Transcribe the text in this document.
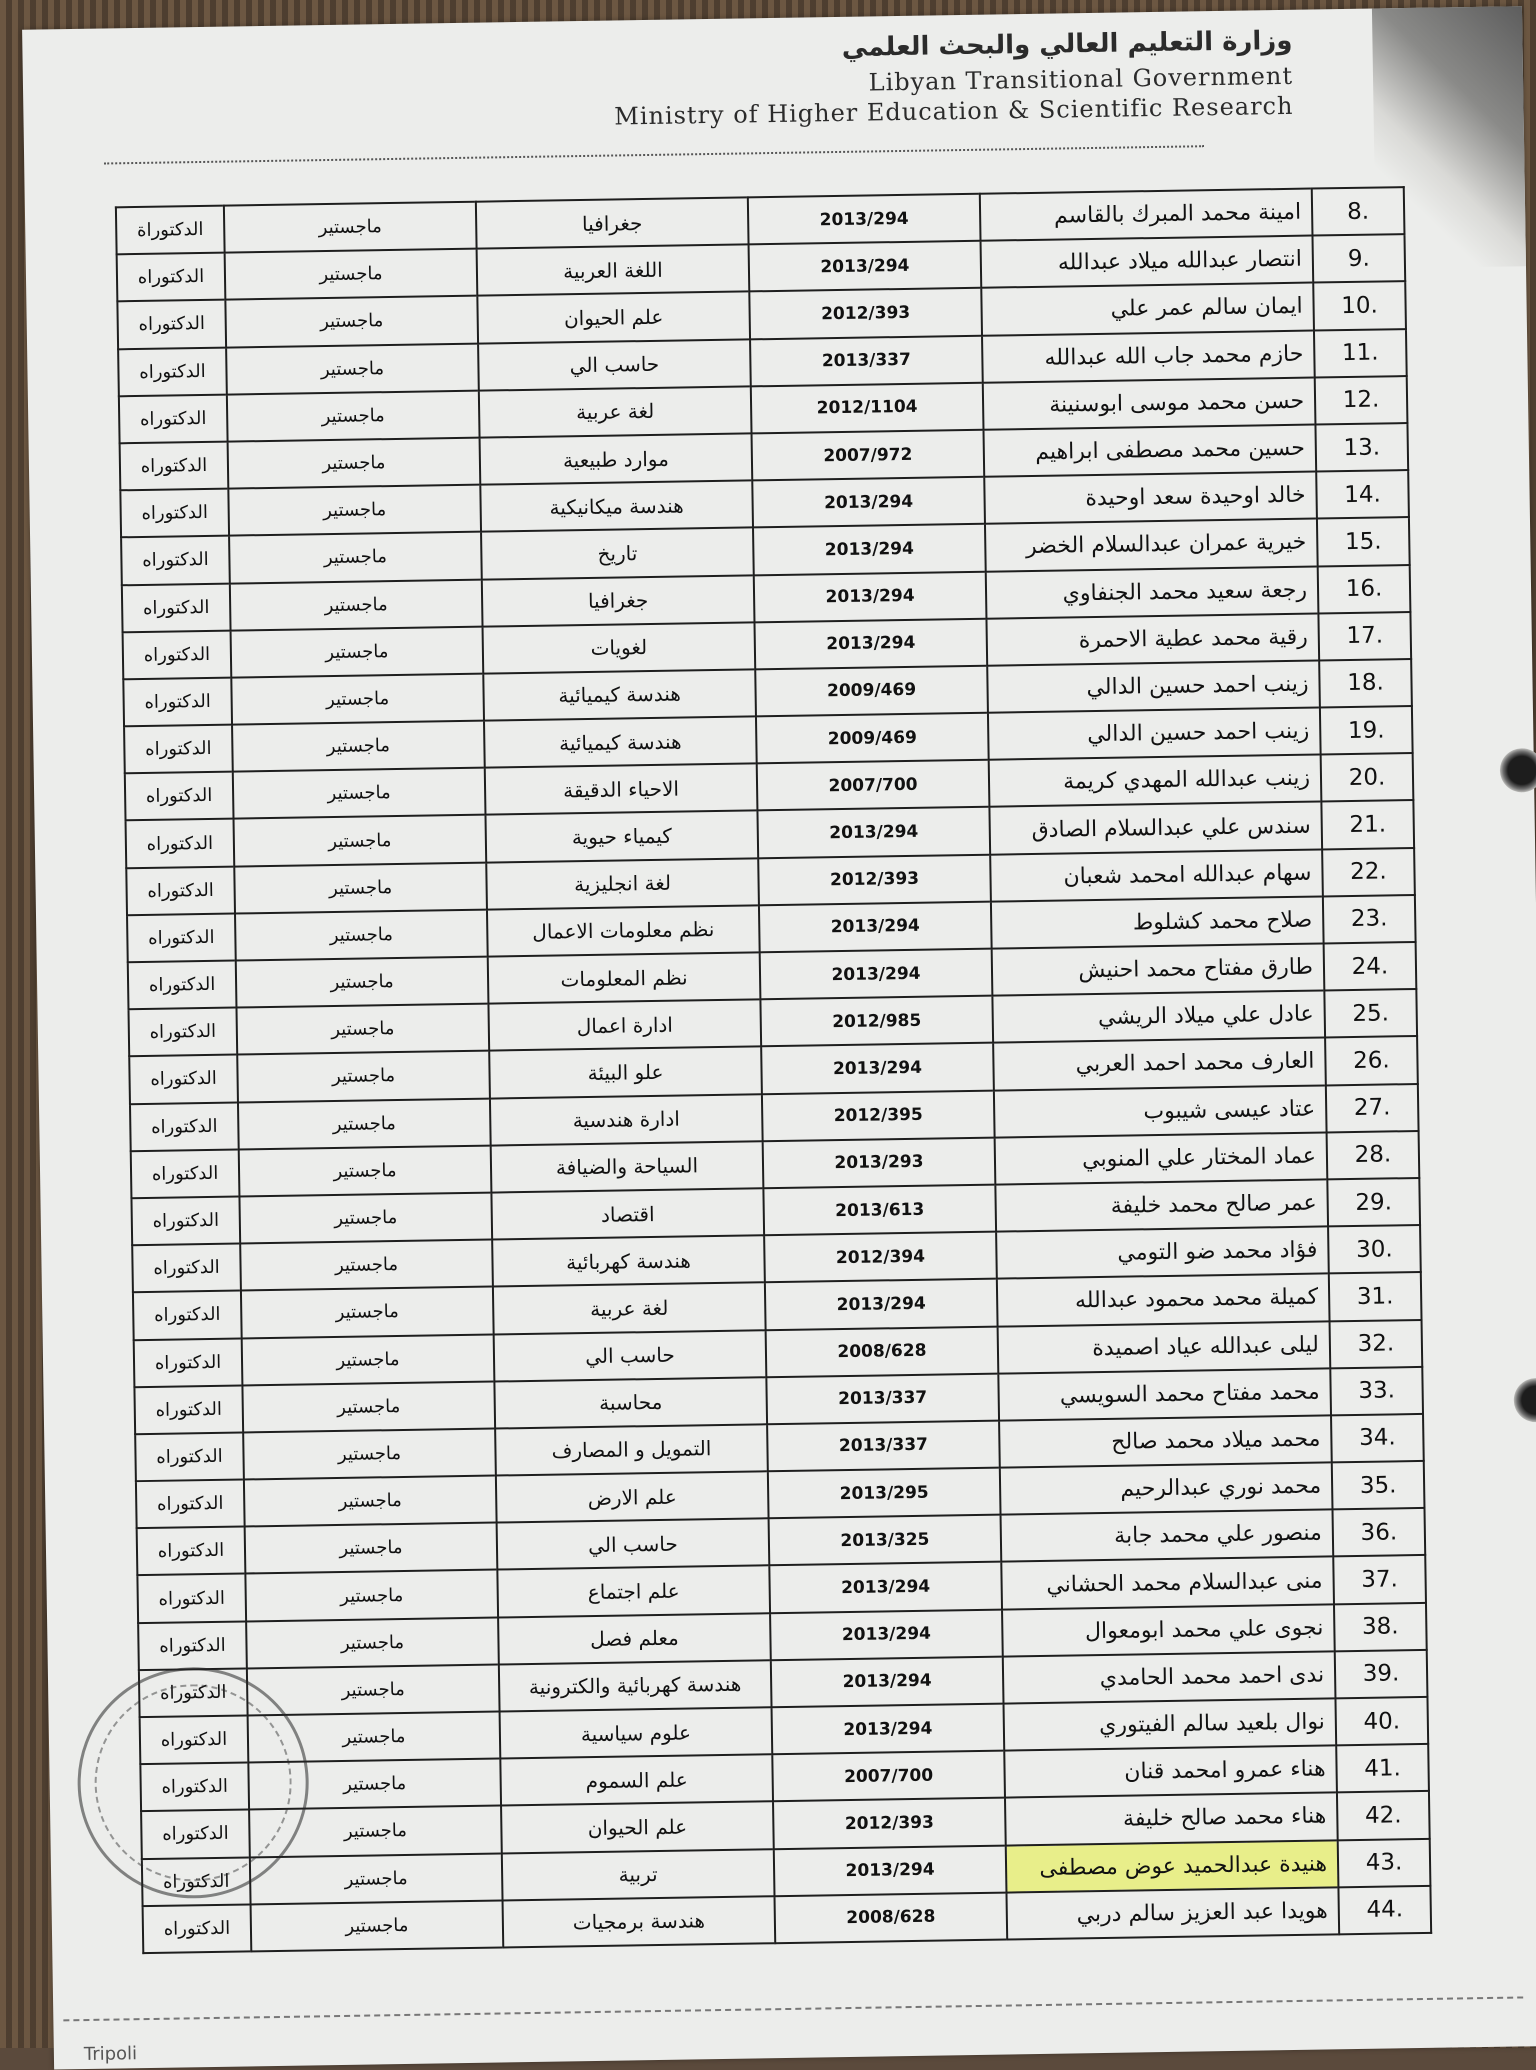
وزارة التعليم العالي والبحث العلمي
Libyan Transitional Government
Ministry of Higher Education & Scientific Research
8.	امينة محمد المبرك بالقاسم	2013/294	جغرافيا	ماجستير	الدكتوراة
9.	انتصار عبدالله ميلاد عبدالله	2013/294	اللغة العربية	ماجستير	الدكتوراه
10.	ايمان سالم عمر علي	2012/393	علم الحيوان	ماجستير	الدكتوراه
11.	حازم محمد جاب الله عبدالله	2013/337	حاسب الي	ماجستير	الدكتوراه
12.	حسن محمد موسى ابوسنينة	2012/1104	لغة عربية	ماجستير	الدكتوراه
13.	حسين محمد مصطفى ابراهيم	2007/972	موارد طبيعية	ماجستير	الدكتوراه
14.	خالد اوحيدة سعد اوحيدة	2013/294	هندسة ميكانيكية	ماجستير	الدكتوراه
15.	خيرية عمران عبدالسلام الخضر	2013/294	تاريخ	ماجستير	الدكتوراه
16.	رجعة سعيد محمد الجنفاوي	2013/294	جغرافيا	ماجستير	الدكتوراه
17.	رقية محمد عطية الاحمرة	2013/294	لغويات	ماجستير	الدكتوراه
18.	زينب احمد حسين الدالي	2009/469	هندسة كيميائية	ماجستير	الدكتوراه
19.	زينب احمد حسين الدالي	2009/469	هندسة كيميائية	ماجستير	الدكتوراه
20.	زينب عبدالله المهدي كريمة	2007/700	الاحياء الدقيقة	ماجستير	الدكتوراه
21.	سندس علي عبدالسلام الصادق	2013/294	كيمياء حيوية	ماجستير	الدكتوراه
22.	سهام عبدالله امحمد شعبان	2012/393	لغة انجليزية	ماجستير	الدكتوراه
23.	صلاح محمد كشلوط	2013/294	نظم معلومات الاعمال	ماجستير	الدكتوراه
24.	طارق مفتاح محمد احنيش	2013/294	نظم المعلومات	ماجستير	الدكتوراه
25.	عادل علي ميلاد الريشي	2012/985	ادارة اعمال	ماجستير	الدكتوراه
26.	العارف محمد احمد العربي	2013/294	علو البيئة	ماجستير	الدكتوراه
27.	عتاد عيسى شيبوب	2012/395	ادارة هندسية	ماجستير	الدكتوراه
28.	عماد المختار علي المنوبي	2013/293	السياحة والضيافة	ماجستير	الدكتوراه
29.	عمر صالح محمد خليفة	2013/613	اقتصاد	ماجستير	الدكتوراه
30.	فؤاد محمد ضو التومي	2012/394	هندسة كهربائية	ماجستير	الدكتوراه
31.	كميلة محمد محمود عبدالله	2013/294	لغة عربية	ماجستير	الدكتوراه
32.	ليلى عبدالله عياد اصميدة	2008/628	حاسب الي	ماجستير	الدكتوراه
33.	محمد مفتاح محمد السويسي	2013/337	محاسبة	ماجستير	الدكتوراه
34.	محمد ميلاد محمد صالح	2013/337	التمويل و المصارف	ماجستير	الدكتوراه
35.	محمد نوري عبدالرحيم	2013/295	علم الارض	ماجستير	الدكتوراه
36.	منصور علي محمد جابة	2013/325	حاسب الي	ماجستير	الدكتوراه
37.	منى عبدالسلام محمد الحشاني	2013/294	علم اجتماع	ماجستير	الدكتوراه
38.	نجوى علي محمد ابومعوال	2013/294	معلم فصل	ماجستير	الدكتوراه
39.	ندى احمد محمد الحامدي	2013/294	هندسة كهربائية والكترونية	ماجستير	الدكتوراه
40.	نوال بلعيد سالم الفيتوري	2013/294	علوم سياسية	ماجستير	الدكتوراه
41.	هناء عمرو امحمد قنان	2007/700	علم السموم	ماجستير	الدكتوراه
42.	هناء محمد صالح خليفة	2012/393	علم الحيوان	ماجستير	الدكتوراه
43.	هنيدة عبدالحميد عوض مصطفى	2013/294	تربية	ماجستير	الدكتوراه
44.	هويدا عبد العزيز سالم دربي	2008/628	هندسة برمجيات	ماجستير	الدكتوراه
Tripoli
